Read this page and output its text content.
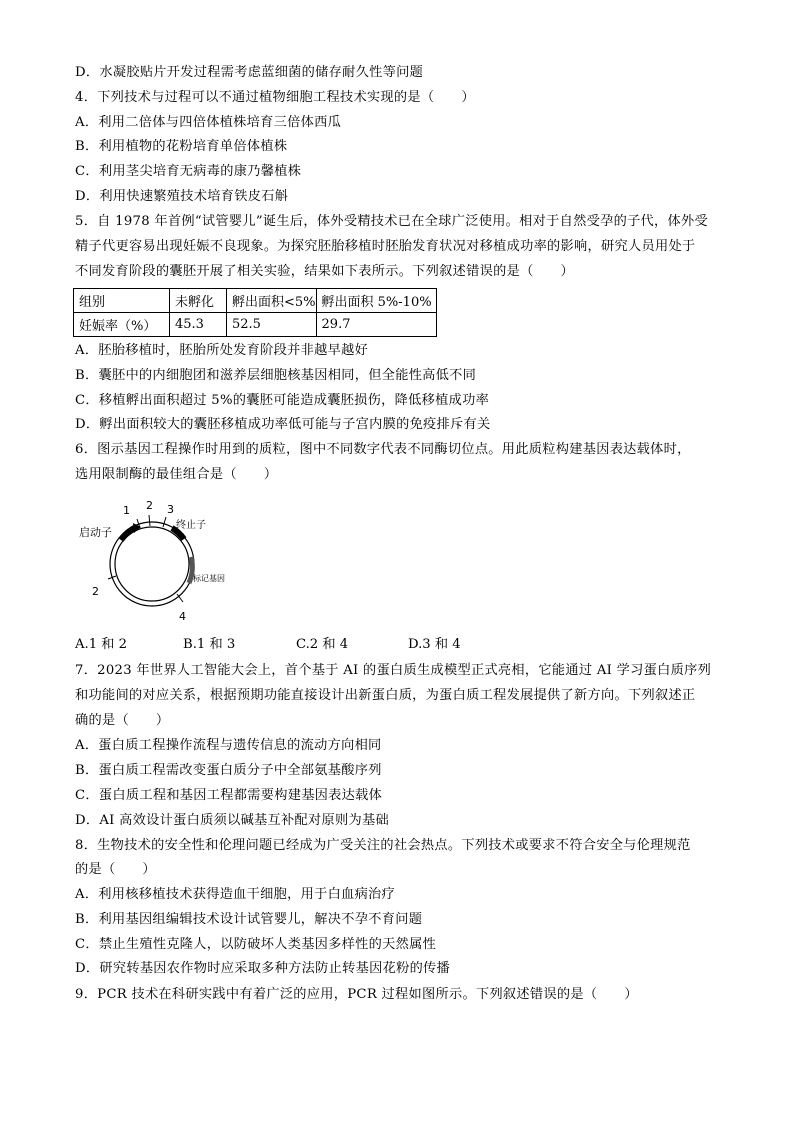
D．水凝胶贴片开发过程需考虑蓝细菌的储存耐久性等问题
4．下列技术与过程可以不通过植物细胞工程技术实现的是（　　）
A．利用二倍体与四倍体植株培育三倍体西瓜
B．利用植物的花粉培育单倍体植株
C．利用茎尖培育无病毒的康乃馨植株
D．利用快速繁殖技术培育铁皮石斛
5．自 1978 年首例“试管婴儿”诞生后，体外受精技术已在全球广泛使用。相对于自然受孕的子代，体外受
精子代更容易出现妊娠不良现象。为探究胚胎移植时胚胎发育状况对移植成功率的影响，研究人员用处于
不同发育阶段的囊胚开展了相关实验，结果如下表所示。下列叙述错误的是（　　）
组别	未孵化	孵出面积<5%	孵出面积 5%-10%
妊娠率（%）	45.3	52.5	29.7
A．胚胎移植时，胚胎所处发育阶段并非越早越好
B．囊胚中的内细胞团和滋养层细胞核基因相同，但全能性高低不同
C．移植孵出面积超过 5%的囊胚可能造成囊胚损伤，降低移植成功率
D．孵出面积较大的囊胚移植成功率低可能与子宫内膜的免疫排斥有关
6．图示基因工程操作时用到的质粒，图中不同数字代表不同酶切位点。用此质粒构建基因表达载体时，
选用限制酶的最佳组合是（　　）
启动子
终止子
标记基因
1 2 3
2
4
A.1 和 2	B.1 和 3	C.2 和 4	D.3 和 4
7．2023 年世界人工智能大会上，首个基于 AI 的蛋白质生成模型正式亮相，它能通过 AI 学习蛋白质序列
和功能间的对应关系，根据预期功能直接设计出新蛋白质，为蛋白质工程发展提供了新方向。下列叙述正
确的是（　　）
A．蛋白质工程操作流程与遗传信息的流动方向相同
B．蛋白质工程需改变蛋白质分子中全部氨基酸序列
C．蛋白质工程和基因工程都需要构建基因表达载体
D．AI 高效设计蛋白质须以碱基互补配对原则为基础
8．生物技术的安全性和伦理问题已经成为广受关注的社会热点。下列技术或要求不符合安全与伦理规范
的是（　　）
A．利用核移植技术获得造血干细胞，用于白血病治疗
B．利用基因组编辑技术设计试管婴儿，解决不孕不育问题
C．禁止生殖性克隆人，以防破坏人类基因多样性的天然属性
D．研究转基因农作物时应采取多种方法防止转基因花粉的传播
9．PCR 技术在科研实践中有着广泛的应用，PCR 过程如图所示。下列叙述错误的是（　　）
